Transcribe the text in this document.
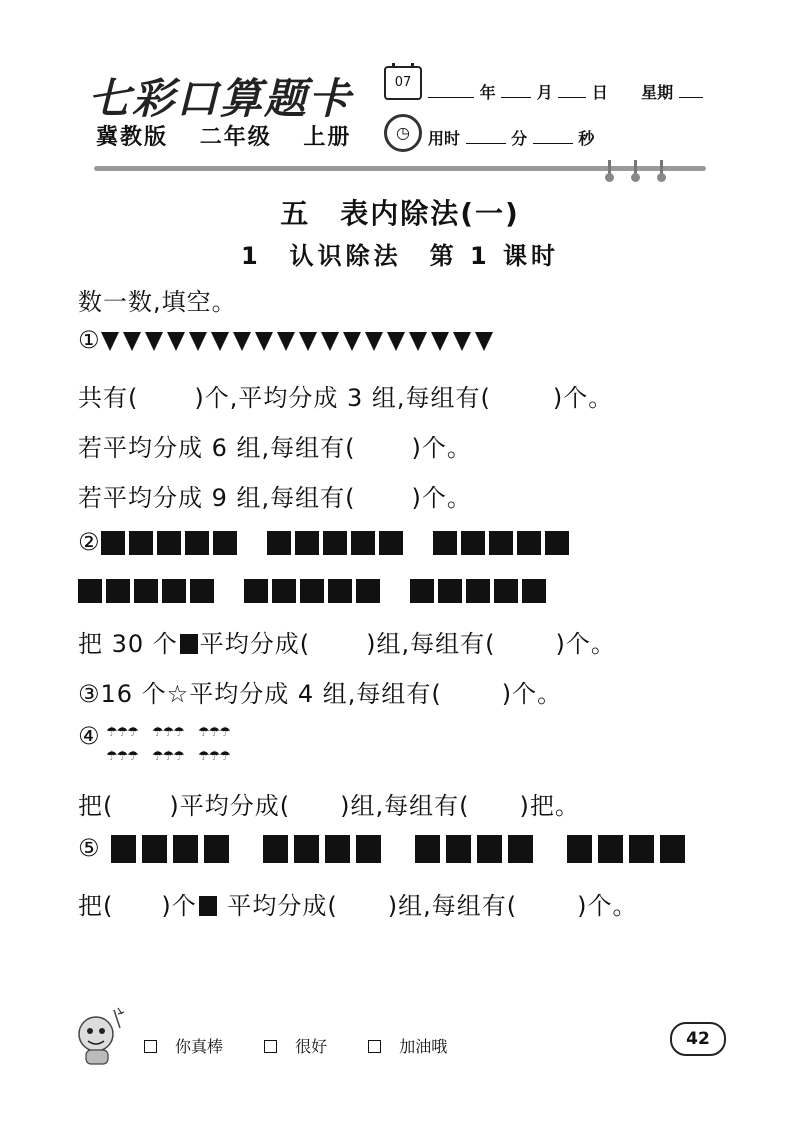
七彩口算题卡
冀教版 二年级 上册
07
◷
年	月 日 星期
用时	分	秒
五　表内除法(一)
1　认识除法　第 1 课时
数一数,填空。
①
共有( )个,平均分成 3 组,每组有(	)个。
若平均分成 6 组,每组有( )个。
若平均分成 9 组,每组有( )个。
②
把 30 个 平均分成( )组,每组有(	)个。
③16 个☆平均分成 4 组,每组有(	)个。
④ ☂☂☂ ☂☂☂ ☂☂☂
☂☂☂ ☂☂☂ ☂☂☂
把( )平均分成( )组,每组有( )把。
⑤
把( )个 平均分成( )组,每组有(	)个。
你真棒	很好	加油哦	42
